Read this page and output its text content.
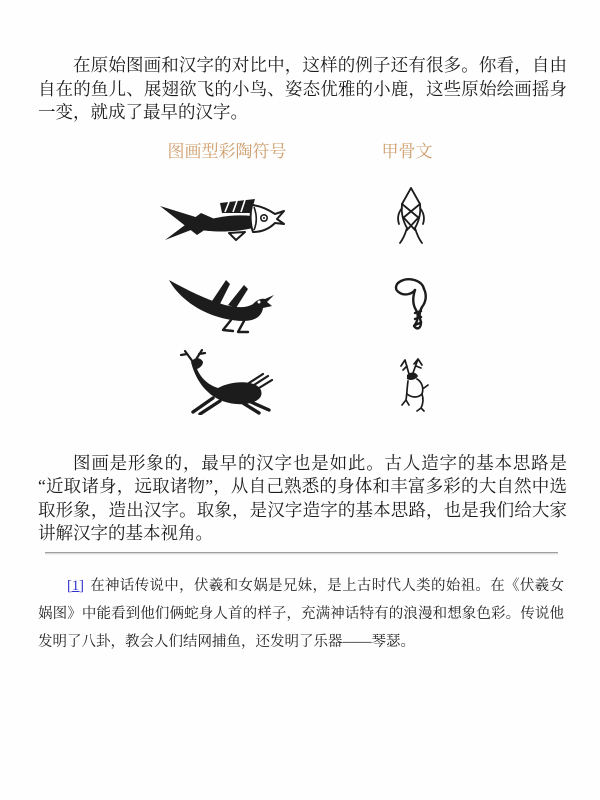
在原始图画和汉字的对比中，这样的例子还有很多。你看，自由自在的鱼儿、展翅欲飞的小鸟、姿态优雅的小鹿，这些原始绘画摇身一变，就成了最早的汉字。

图画型彩陶符号	甲骨文

图画是形象的，最早的汉字也是如此。古人造字的基本思路是“近取诸身，远取诸物”，从自己熟悉的身体和丰富多彩的大自然中选取形象，造出汉字。取象，是汉字造字的基本思路，也是我们给大家讲解汉字的基本视角。

[1] 在神话传说中，伏羲和女娲是兄妹，是上古时代人类的始祖。在《伏羲女娲图》中能看到他们俩蛇身人首的样子，充满神话特有的浪漫和想象色彩。传说他发明了八卦，教会人们结网捕鱼，还发明了乐器——琴瑟。
